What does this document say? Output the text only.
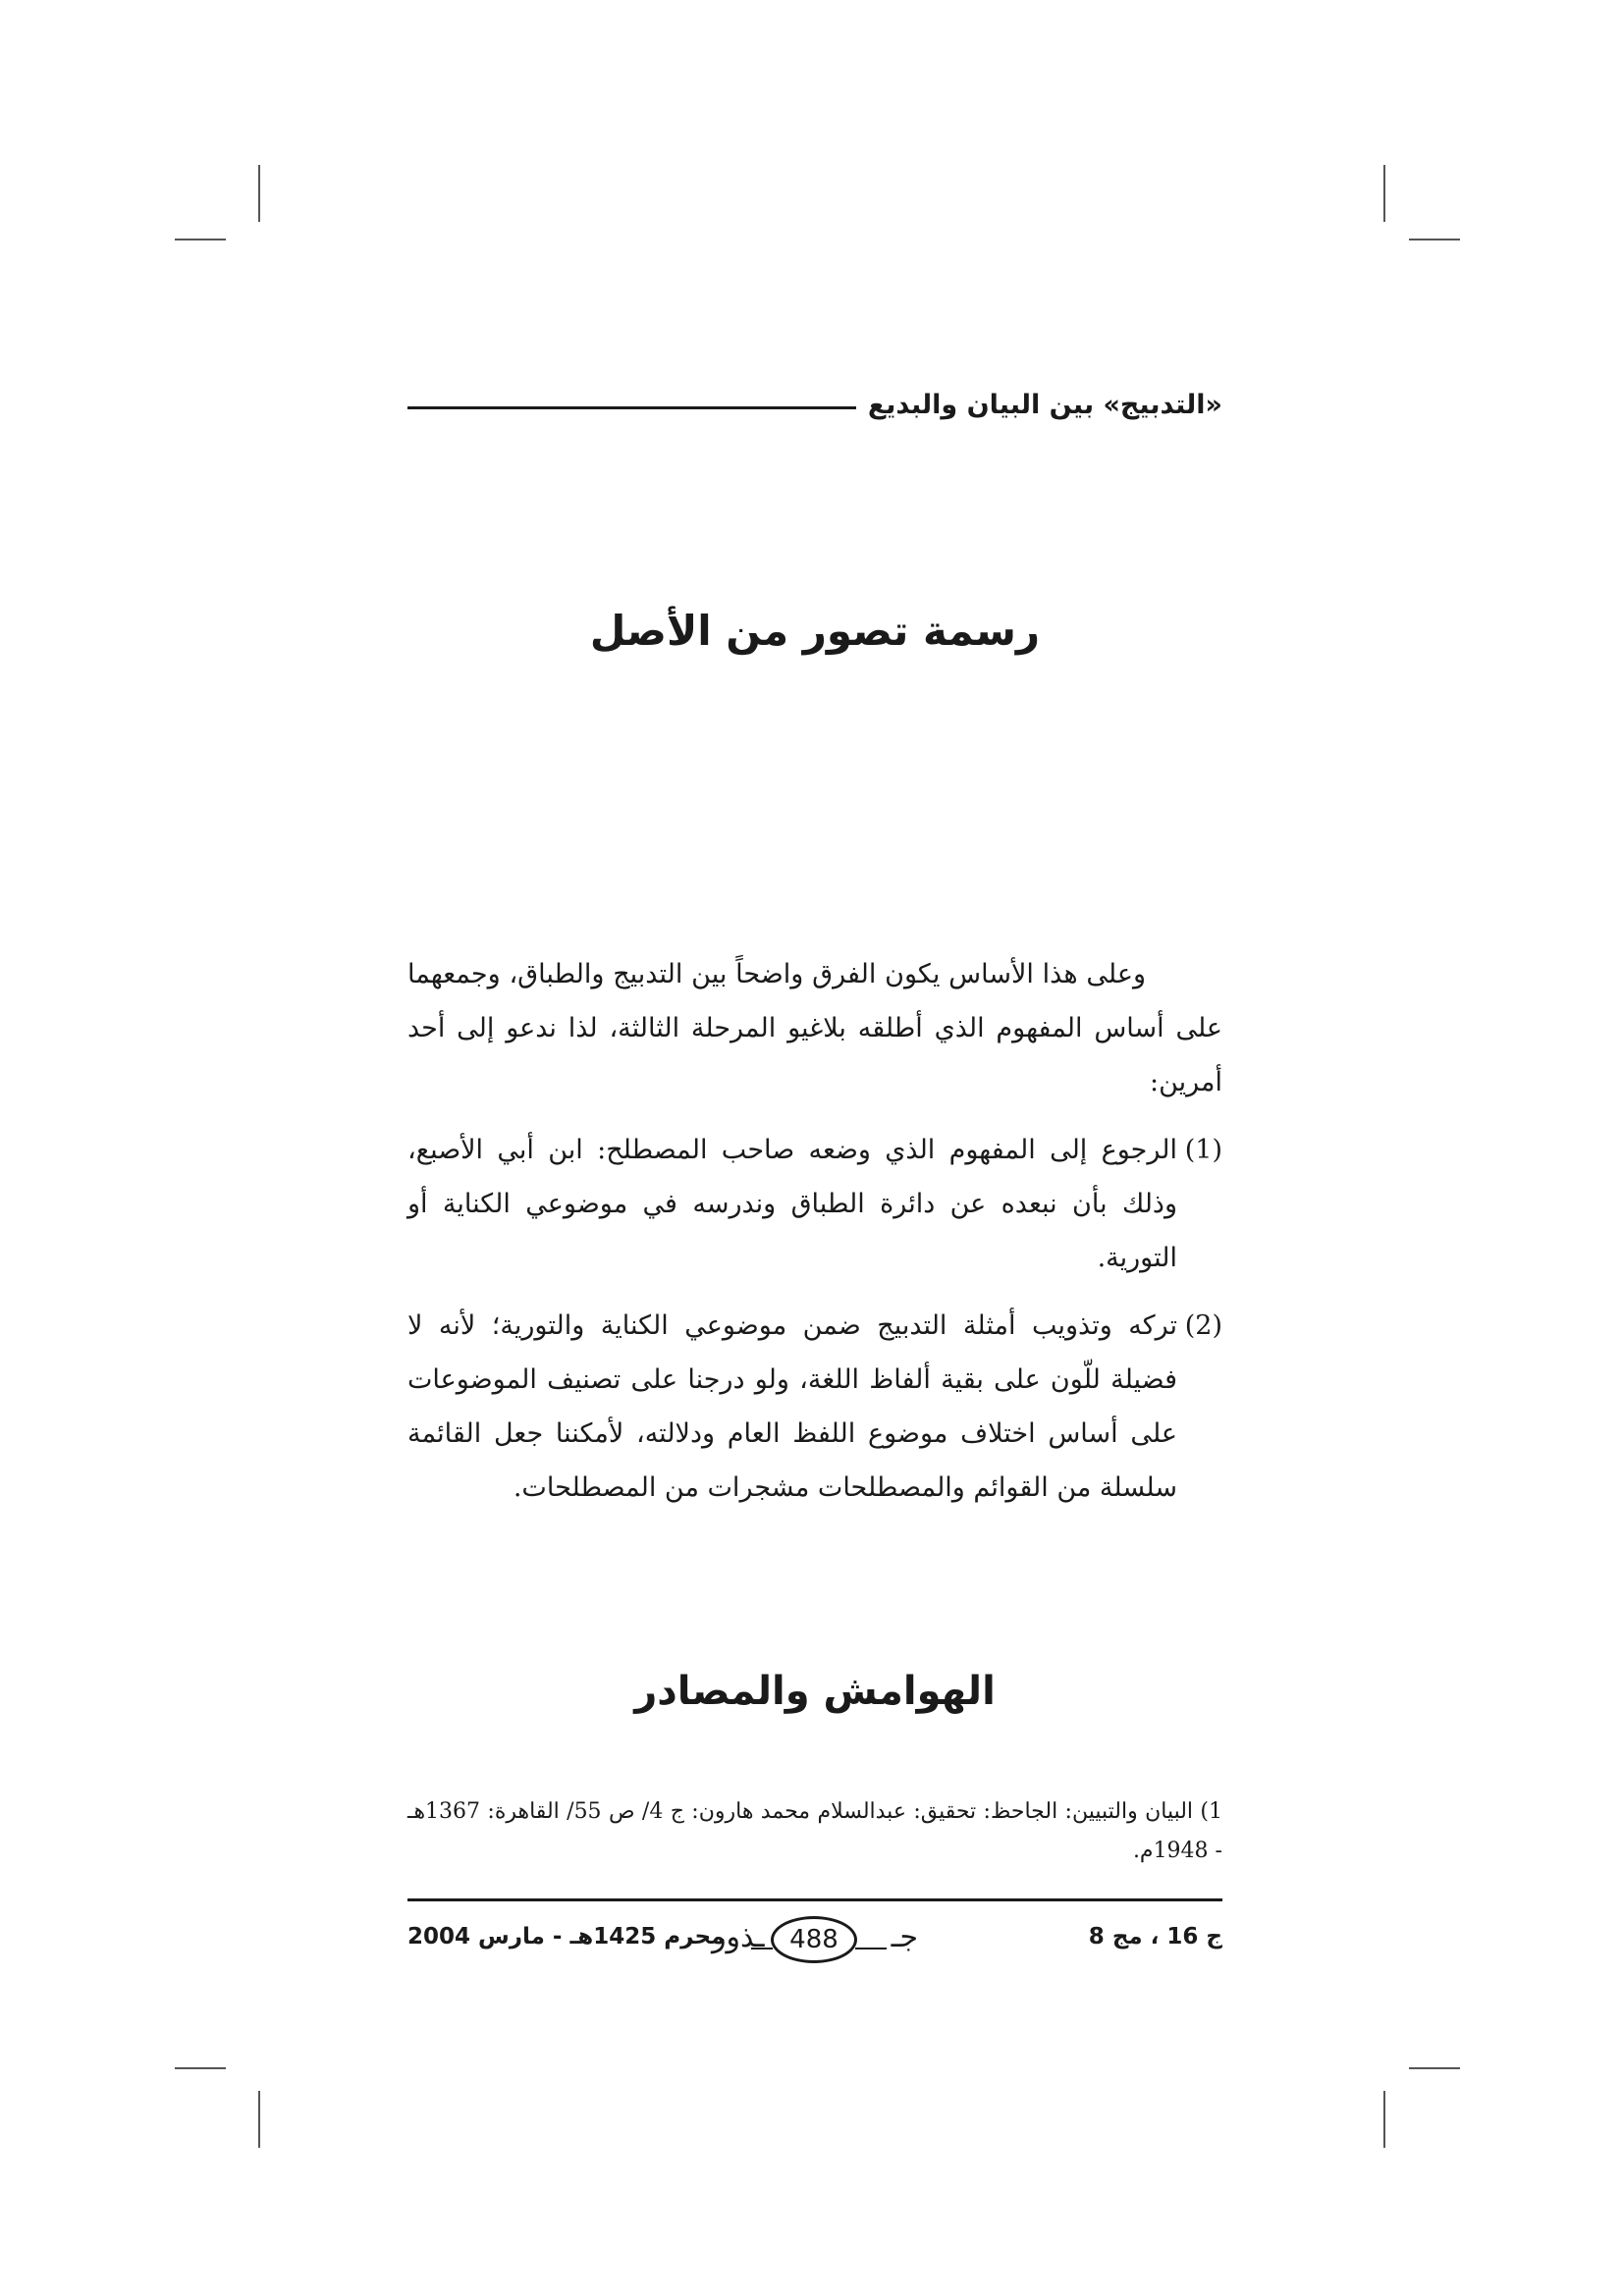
«التدبيج» بين البيان والبديع
رسمة تصور من الأصل

وعلى هذا الأساس يكون الفرق واضحاً بين التدبيج والطباق، وجمعهما على أساس المفهوم الذي أطلقه بلاغيو المرحلة الثالثة، لذا ندعو إلى أحد أمرين:

(1)
الرجوع إلى المفهوم الذي وضعه صاحب المصطلح: ابن أبي الأصبع، وذلك بأن نبعده عن دائرة الطباق وندرسه في موضوعي الكناية أو التورية.
(2)
تركه وتذويب أمثلة التدبيج ضمن موضوعي الكناية والتورية؛ لأنه لا فضيلة للّون على بقية ألفاظ اللغة، ولو درجنا على تصنيف الموضوعات على أساس اختلاف موضوع اللفظ العام ودلالته، لأمكننا جعل القائمة سلسلة من القوائم والمصطلحات مشجرات من المصطلحات.
الهوامش والمصادر
1) البيان والتبيين: الجاحظ: تحقيق: عبدالسلام محمد هارون: ج 4/ ص 55/ القاهرة: 1367هـ - 1948م.
ج 16 ، مج 8
جـ
488
ـذور
محرم 1425هـ - مارس 2004
